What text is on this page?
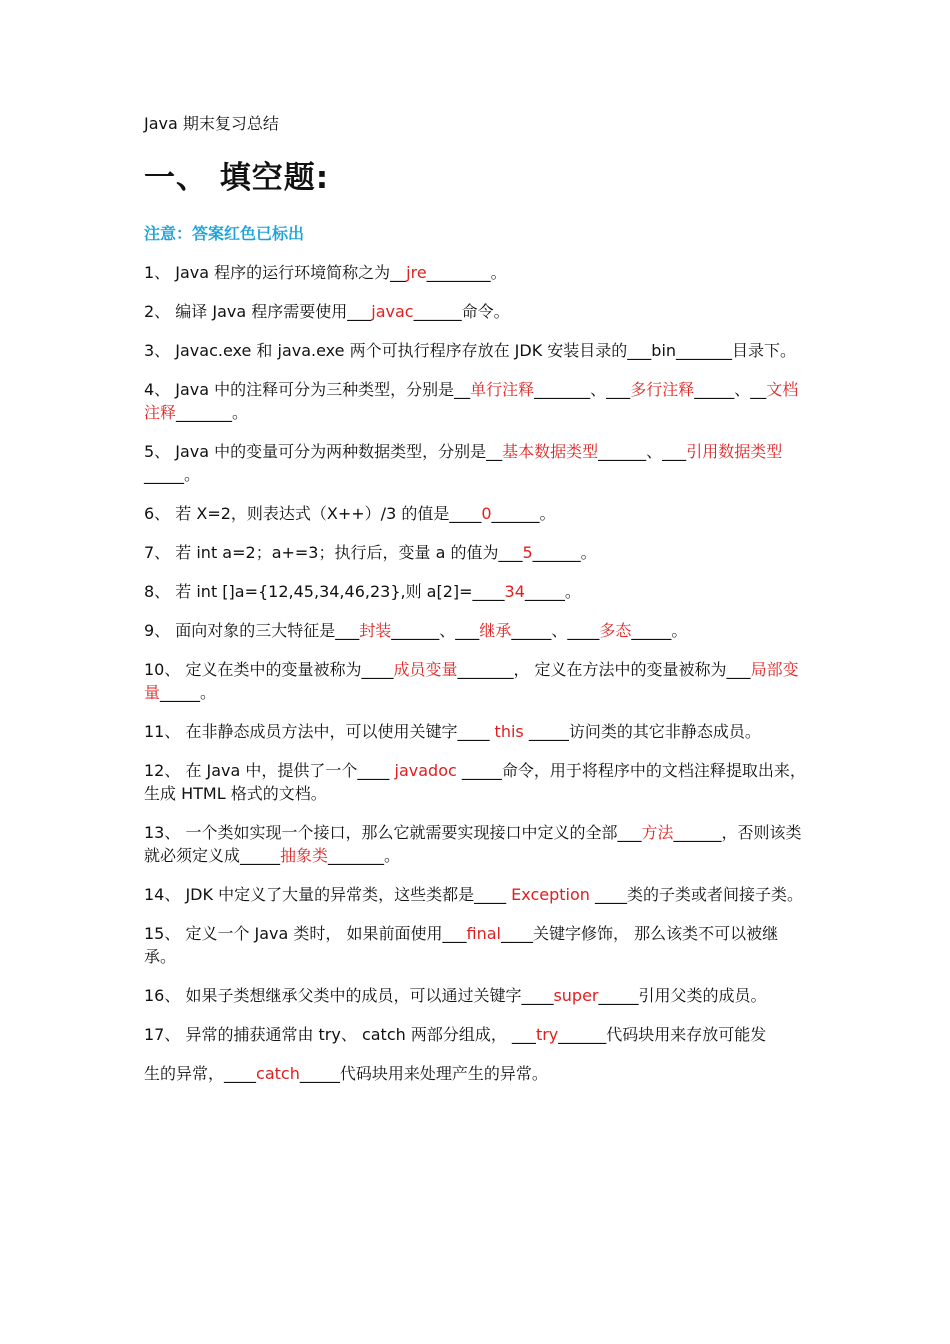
Java 期末复习总结

一、 填空题:

注意：答案红色已标出

1、 Java 程序的运行环境简称之为__jre________。

2、 编译 Java 程序需要使用___javac______命令。

3、 Javac.exe 和 java.exe 两个可执行程序存放在 JDK 安装目录的___bin_______目录下。

4、 Java 中的注释可分为三种类型，分别是__单行注释_______、___多行注释_____、__文档注释_______。

5、 Java 中的变量可分为两种数据类型，分别是__基本数据类型______、___引用数据类型_____。

6、 若 X=2，则表达式（X++）/3 的值是____0______。

7、 若 int a=2；a+=3；执行后，变量 a 的值为___5______。

8、 若 int []a={12,45,34,46,23},则 a[2]=____34_____。

9、 面向对象的三大特征是___封装______、___继承_____、____多态_____。

10、 定义在类中的变量被称为____成员变量_______， 定义在方法中的变量被称为___局部变量_____。

11、 在非静态成员方法中，可以使用关键字____ this _____访问类的其它非静态成员。

12、 在 Java 中，提供了一个____ javadoc _____命令，用于将程序中的文档注释提取出来，生成 HTML 格式的文档。

13、 一个类如实现一个接口，那么它就需要实现接口中定义的全部___方法______，否则该类就必须定义成_____抽象类_______。

14、 JDK 中定义了大量的异常类，这些类都是____ Exception ____类的子类或者间接子类。

15、 定义一个 Java 类时， 如果前面使用___final____关键字修饰， 那么该类不可以被继承。

16、 如果子类想继承父类中的成员，可以通过关键字____super_____引用父类的成员。

17、 异常的捕获通常由 try、 catch 两部分组成， ___try______代码块用来存放可能发

生的异常，____catch_____代码块用来处理产生的异常。
